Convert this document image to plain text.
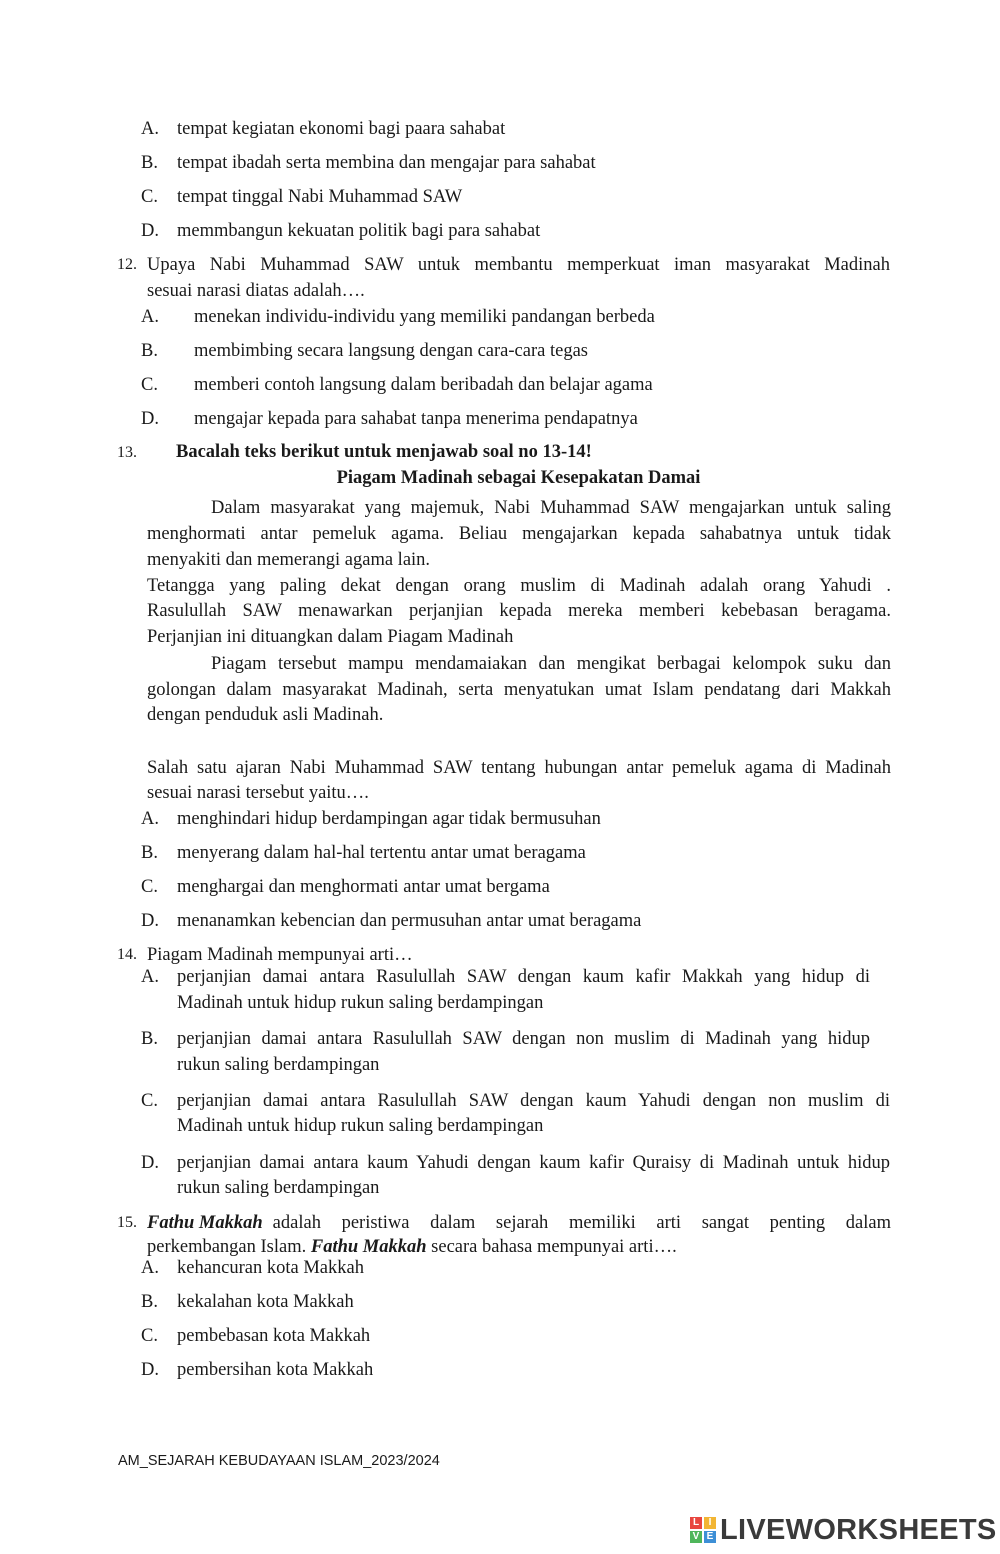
A. tempat kegiatan ekonomi bagi paara sahabat
B. tempat ibadah serta membina dan mengajar para sahabat
C. tempat tinggal Nabi Muhammad SAW
D. memmbangun kekuatan politik bagi para sahabat
12. Upaya Nabi Muhammad SAW untuk membantu memperkuat iman masyarakat Madinah
sesuai narasi diatas adalah….
A. menekan individu-individu yang memiliki pandangan berbeda
B. membimbing secara langsung dengan cara-cara tegas
C. memberi contoh langsung dalam beribadah dan belajar agama
D. mengajar kepada para sahabat tanpa menerima pendapatnya
13. Bacalah teks berikut untuk menjawab soal no 13-14!
Piagam Madinah sebagai Kesepakatan Damai
Dalam masyarakat yang majemuk, Nabi Muhammad SAW mengajarkan untuk saling
menghormati antar pemeluk agama. Beliau mengajarkan kepada sahabatnya untuk tidak
menyakiti dan memerangi agama lain.
Tetangga yang paling dekat dengan orang muslim di Madinah adalah orang Yahudi .
Rasulullah SAW menawarkan perjanjian kepada mereka memberi kebebasan beragama.
Perjanjian ini dituangkan dalam Piagam Madinah
Piagam tersebut mampu mendamaiakan dan mengikat berbagai kelompok suku dan
golongan dalam masyarakat Madinah, serta menyatukan umat Islam pendatang dari Makkah
dengan penduduk asli Madinah.
Salah satu ajaran Nabi Muhammad SAW tentang hubungan antar pemeluk agama di Madinah
sesuai narasi tersebut yaitu….
A. menghindari hidup berdampingan agar tidak bermusuhan
B. menyerang dalam hal-hal tertentu antar umat beragama
C. menghargai dan menghormati antar umat bergama
D. menanamkan kebencian dan permusuhan antar umat beragama
14. Piagam Madinah mempunyai arti…
A. perjanjian damai antara Rasulullah SAW dengan kaum kafir Makkah yang hidup di
Madinah untuk hidup rukun saling berdampingan
B. perjanjian damai antara Rasulullah SAW dengan non muslim di Madinah yang hidup
rukun saling berdampingan
C. perjanjian damai antara Rasulullah SAW dengan kaum Yahudi dengan non muslim di
Madinah untuk hidup rukun saling berdampingan
D. perjanjian damai antara kaum Yahudi dengan kaum kafir Quraisy di Madinah untuk hidup
rukun saling berdampingan
15. Fathu Makkah adalah peristiwa dalam sejarah memiliki arti sangat penting dalam
perkembangan Islam. Fathu Makkah secara bahasa mempunyai arti….
A. kehancuran kota Makkah
B. kekalahan kota Makkah
C. pembebasan kota Makkah
D. pembersihan kota Makkah
AM_SEJARAH KEBUDAYAAN ISLAM_2023/2024
L I
V E LIVEWORKSHEETS
